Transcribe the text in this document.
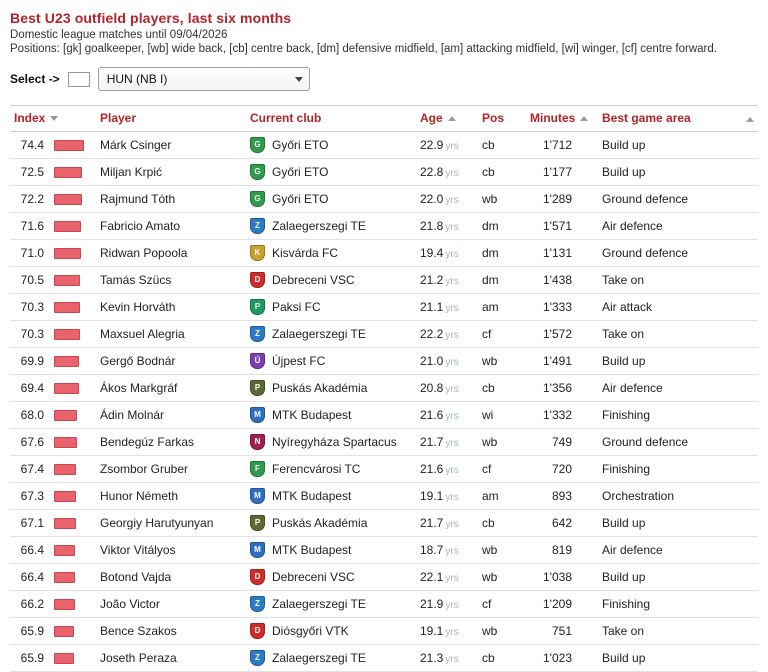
Best U23 outfield players, last six months
Domestic league matches until 09/04/2026
Positions: [gk] goalkeeper, [wb] wide back, [cb] centre back, [dm] defensive midfield, [am] attacking midfield, [wi] winger, [cf] centre forward.
Select ->	HUN (NB I)
Index	Player	Current club	Age	Pos	Minutes	Best game area

74.4	Márk Csinger	G Győri ETO	22.9 yrs	cb	1'712	Build up

72.5	Miljan Krpić	G Győri ETO	22.8 yrs	cb	1'177	Build up

72.2	Rajmund Tóth	G Győri ETO	22.0 yrs	wb	1'289	Ground defence

71.6	Fabricio Amato	Z Zalaegerszegi TE	21.8 yrs	dm	1'571	Air defence

71.0	Ridwan Popoola	K Kisvárda FC	19.4 yrs	dm	1'131	Ground defence

70.5	Tamás Szücs	D Debreceni VSC	21.2 yrs	dm	1'438	Take on

70.3	Kevin Horváth	P Paksi FC	21.1 yrs	am	1'333	Air attack

70.3	Maxsuel Alegria	Z Zalaegerszegi TE	22.2 yrs	cf	1'572	Take on

69.9	Gergő Bodnár	Ú Újpest FC	21.0 yrs	wb	1'491	Build up

69.4	Ákos Markgráf	P Puskás Akadémia	20.8 yrs	cb	1'356	Air defence

68.0	Ádin Molnár	M MTK Budapest	21.6 yrs	wi	1'332	Finishing

67.6	Bendegúz Farkas	N Nyíregyháza Spartacus	21.7 yrs	wb	749	Ground defence

67.4	Zsombor Gruber	F Ferencvárosi TC	21.6 yrs	cf	720	Finishing

67.3	Hunor Németh	M MTK Budapest	19.1 yrs	am	893	Orchestration

67.1	Georgiy Harutyunyan	P Puskás Akadémia	21.7 yrs	cb	642	Build up

66.4	Viktor Vitályos	M MTK Budapest	18.7 yrs	wb	819	Air defence

66.4	Botond Vajda	D Debreceni VSC	22.1 yrs	wb	1'038	Build up

66.2	João Victor	Z Zalaegerszegi TE	21.9 yrs	cf	1'209	Finishing

65.9	Bence Szakos	D Diósgyőri VTK	19.1 yrs	wb	751	Take on

65.9	Joseth Peraza	Z Zalaegerszegi TE	21.3 yrs	cb	1'023	Build up
